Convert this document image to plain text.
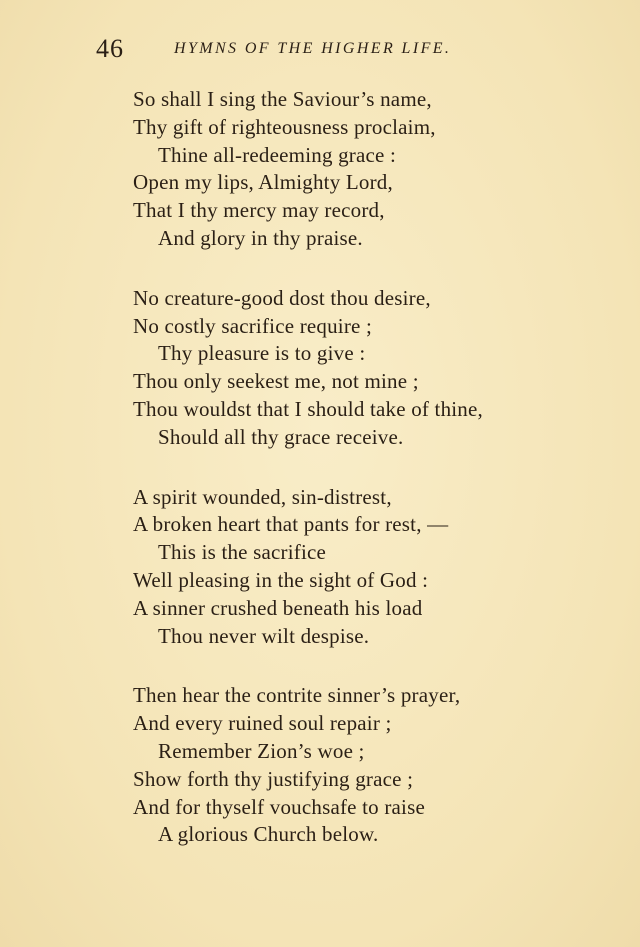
46	HYMNS OF THE HIGHER LIFE.
So shall I sing the Saviour’s name,
Thy gift of righteousness proclaim,
Thine all-redeeming grace :
Open my lips, Almighty Lord,
That I thy mercy may record,
And glory in thy praise.
No creature-good dost thou desire,
No costly sacrifice require ;
Thy pleasure is to give :
Thou only seekest me, not mine ;
Thou wouldst that I should take of thine,
Should all thy grace receive.
A spirit wounded, sin-distrest,
A broken heart that pants for rest, —
This is the sacrifice
Well pleasing in the sight of God :
A sinner crushed beneath his load
Thou never wilt despise.
Then hear the contrite sinner’s prayer,
And every ruined soul repair ;
Remember Zion’s woe ;
Show forth thy justifying grace ;
And for thyself vouchsafe to raise
A glorious Church below.
